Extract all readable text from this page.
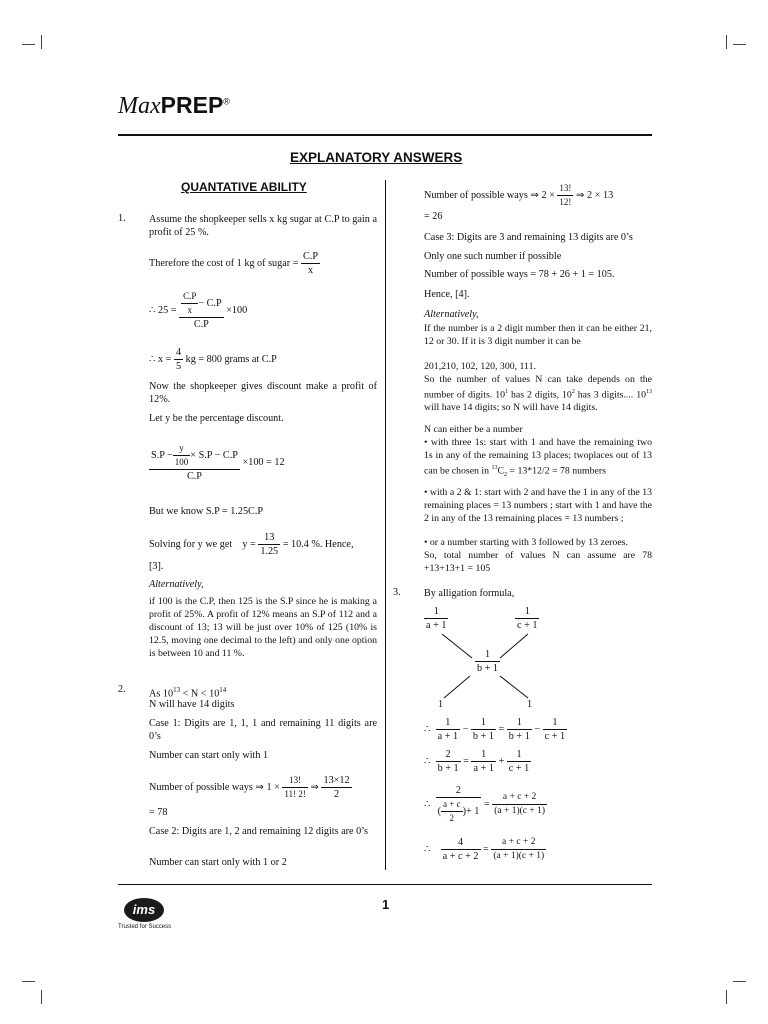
MaxPREP®
EXPLANATORY ANSWERS
QUANTATIVE ABILITY
1. Assume the shopkeeper sells x kg sugar at C.P to gain a profit of 25 %.
Therefore the cost of 1 kg of sugar = $\frac{C.P}{x}$
∴ $25 = \frac{\frac{C.P}{x} - C.P}{C.P} \times 100$
∴ $x = \frac{4}{5}$ kg = 800 grams at C.P
Now the shopkeeper gives discount make a profit of 12%.
Let y be the percentage discount.
$\frac{S.P - \frac{y}{100} \times S.P - C.P}{C.P} \times 100 = 12$
But we know S.P = 1.25C.P
Solving for y we get $y = \frac{13}{1.25} = 10.4$ %. Hence,
[3].
Alternatively,
if 100 is the C.P, then 125 is the S.P since he is making a profit of 25%. A profit of 12% means an S.P of 112 and a discount of 13; 13 will be just over 10% of 125 (10% is 12.5, moving one decimal to the left) and only one option is between 10 and 11 %.
2. As $10^{13} < N < 10^{14}$
N will have 14 digits
Case 1: Digits are 1, 1, 1 and remaining 11 digits are 0’s
Number can start only with 1
Number of possible ways ⇒ $1 \times \frac{13!}{11! 2!}$ ⇒ $\frac{13\times 12}{2}$
= 78
Case 2: Digits are 1, 2 and remaining 12 digits are 0’s
Number can start only with 1 or 2
Number of possible ways ⇒ $2 \times \frac{13!}{12!}$ ⇒ 2 × 13
= 26
Case 3: Digits are 3 and remaining 13 digits are 0’s
Only one such number if possible
Number of possible ways = 78 + 26 + 1 = 105.
Hence, [4].
Alternatively,
If the number is a 2 digit number then it can be either 21, 12 or 30. If it is 3 digit number it can be
201,210, 102, 120, 300, 111.
So the number of values N can take depends on the number of digits. $10^1$ has 2 digits, $10^2$ has 3 digits.... $10^{13}$ will have 14 digits; so N will have 14 digits.
N can either be a number
• with three 1s: start with 1 and have the remaining two 1s in any of the remaining 13 places; twoplaces out of 13 can be chosen in $^{13}C_2 = 13*12/2 = 78$ numbers
• with a 2 & 1: start with 2 and have the 1 in any of the 13 remaining places = 13 numbers ; start with 1 and have the 2 in any of the 13 remaining places = 13 numbers ;
• or a number starting with 3 followed by 13 zeroes.
So, total number of values N can assume are 78 +13+13+1 = 105
3. By alligation formula,
$\frac{1}{a + 1}$	$\frac{1}{c + 1}$
$\frac{1}{b + 1}$
1	1
∴ $\frac{1}{a + 1} - \frac{1}{b + 1} = \frac{1}{b + 1} - \frac{1}{c + 1}$
∴ $\frac{2}{b + 1} = \frac{1}{a + 1} + \frac{1}{c + 1}$
∴ $\frac{2}{( \frac{a + c}{2} )+ 1} = \frac{a + c + 2}{(a + 1)(c + 1)}$
∴ $\frac{4}{a + c + 2} = \frac{a + c + 2}{(a + 1)(c + 1)}$
1
ims
Trusted for Success
